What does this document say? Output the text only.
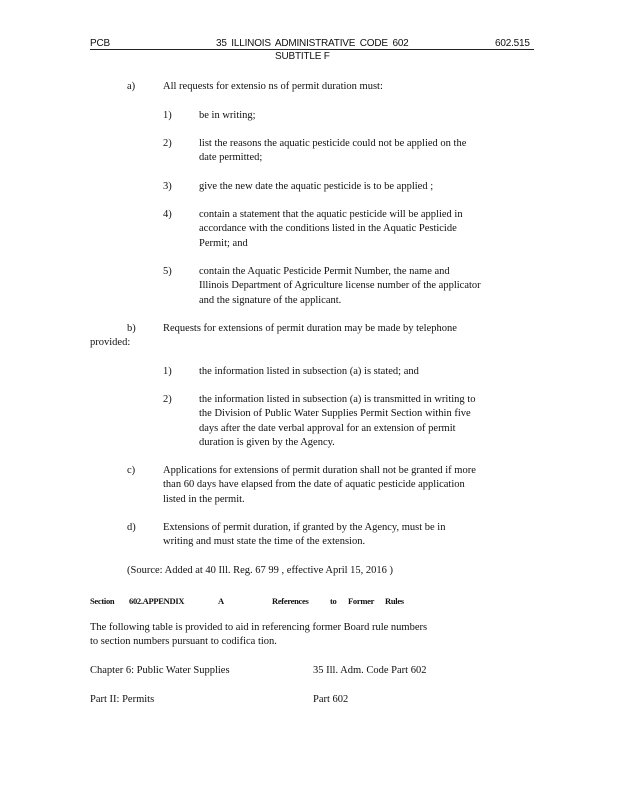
PCB	35 ILLINOIS ADMINISTRATIVE CODE 602	602.515
SUBTITLE F
a)	All requests for extensio ns of permit duration must:
1)	be in writing;
2)	list the reasons the aquatic pesticide could not be applied on the
date permitted;
3)	give the new date the aquatic pesticide is to be applied ;
4)	contain a statement that the aquatic pesticide will be applied in
accordance with the conditions listed in the Aquatic Pesticide
Permit; and
5)	contain the Aquatic Pesticide Permit Number, the name and
Illinois Department of Agriculture license number of the applicator
and the signature of the applicant.
b)	Requests for extensions of permit duration may be made by telephone
provided:
1)	the information listed in subsection (a) is stated; and
2)	the information listed in subsection (a) is transmitted in writing to
the Division of Public Water Supplies Permit Section within five
days after the date verbal approval for an extension of permit
duration is given by the Agency.
c)	Applications for extensions of permit duration shall not be granted if more
than 60 days have elapsed from the date of aquatic pesticide application
listed in the permit.
d)	Extensions of permit duration, if granted by the Agency, must be in
writing and must state the time of the extension.
(Source: Added at 40 Ill. Reg. 67 99 , effective April 15, 2016 )
Section 602.APPENDIX	A	References	to Former Rules
The following table is provided to aid in referencing former Board rule numbers
to section numbers pursuant to codifica tion.
Chapter 6: Public Water Supplies	35 Ill. Adm. Code Part 602
Part II: Permits	Part 602
